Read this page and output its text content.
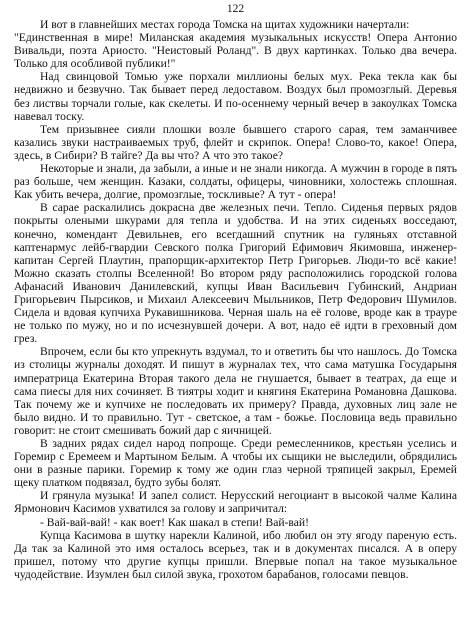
122

И вот в главнейших местах города Томска на щитах художники начертали:

"Единственная в мире! Миланская академия музыкальных искусств! Опера Антонио Вивальди, поэта Ариосто. "Неистовый Роланд". В двух картинках. Только два вечера. Только для особливой публики!"

Над свинцовой Томью уже порхали миллионы белых мух. Река текла как бы недвижно и безвучно. Так бывает перед ледоставом. Воздух был промозглый. Деревья без листвы торчали голые, как скелеты. И по-осеннему черный вечер в закоулках Томска навевал тоску.

Тем призывнее сияли плошки возле бывшего старого сарая, тем заманчивее казались звуки настраиваемых труб, флейт и скрипок. Опера! Слово-то, какое! Опера, здесь, в Сибири? В тайге? Да вы что? А что это такое?

Некоторые и знали, да забыли, а иные и не знали никогда. А мужчин в городе в пять раз больше, чем женщин. Казаки, солдаты, офицеры, чиновники, холостежь сплошная. Как убить вечера, долгие, промозглые, тоскливые? А тут - опера!

В сарае раскалились докрасна две железных печи. Тепло. Сиденья первых рядов покрыты олеными шкурами для тепла и удобства. И на этих сиденьях восседают, конечно, комендант Девильнев, его всегдашний спутник на гуляньях отставной каптенармус лейб-гвардии Севского полка Григорий Ефимович Якимовша, инженер-капитан Сергей Плаутин, прапорщик-архитектор Петр Григорьев. Люди-то всё какие! Можно сказать столпы Вселенной! Во втором ряду расположились городской голова Афанасий Иванович Данилевский, купцы Иван Васильевич Губинский, Андриан Григорьевич Пырсиков, и Михаил Алексеевич Мыльников, Петр Федорович Шумилов. Сидела и вдовая купчиха Рукавишникова. Черная шаль на её голове, вроде как в трауре не только по мужу, но и по исчезнувшей дочери. А вот, надо её идти в греховный дом грез.

Впрочем, если бы кто упрекнуть вздумал, то и ответить бы что нашлось. До Томска из столицы журналы доходят. И пишут в журналах тех, что сама матушка Государыня императрица Екатерина Вторая такого дела не гнушается, бывает в театрах, да еще и сама пиесы для них сочиняет. В тиятры ходит и княгиня Екатерина Романовна Дашкова. Так почему же и купчихе не последовать их примеру? Правда, духовных лиц зале не было видно. И то правильно. Тут - светское, а там - божье. Пословица ведь правильно говорит: не стоит смешивать божий дар с яичницей.

В задних рядах сидел народ попроще. Среди ремесленников, крестьян уселись и Горемир с Еремеем и Мартыном Белым. А чтобы их сыщики не выследили, обрядились они в разные парики. Горемир к тому же один глаз черной тряпицей закрыл, Еремей щеку платком подвязал, будто зубы болят.

И грянула музыка! И запел солист. Нерусский негоциант в высокой чалме Калина Ярмонович Касимов ухватился за голову и запричитал:

- Вай-вай-вай! - как воет! Как шакал в степи! Вай-вай!

Купца Касимова в шутку нарекли Калиной, ибо любил он эту ягоду пареную есть. Да так за Калиной это имя осталось всерьез, так и в документах писался. А в оперу пришел, потому что другие купцы пришли. Впервые попал на такое музыкальное чудодействие. Изумлен был силой звука, грохотом барабанов, голосами певцов.
